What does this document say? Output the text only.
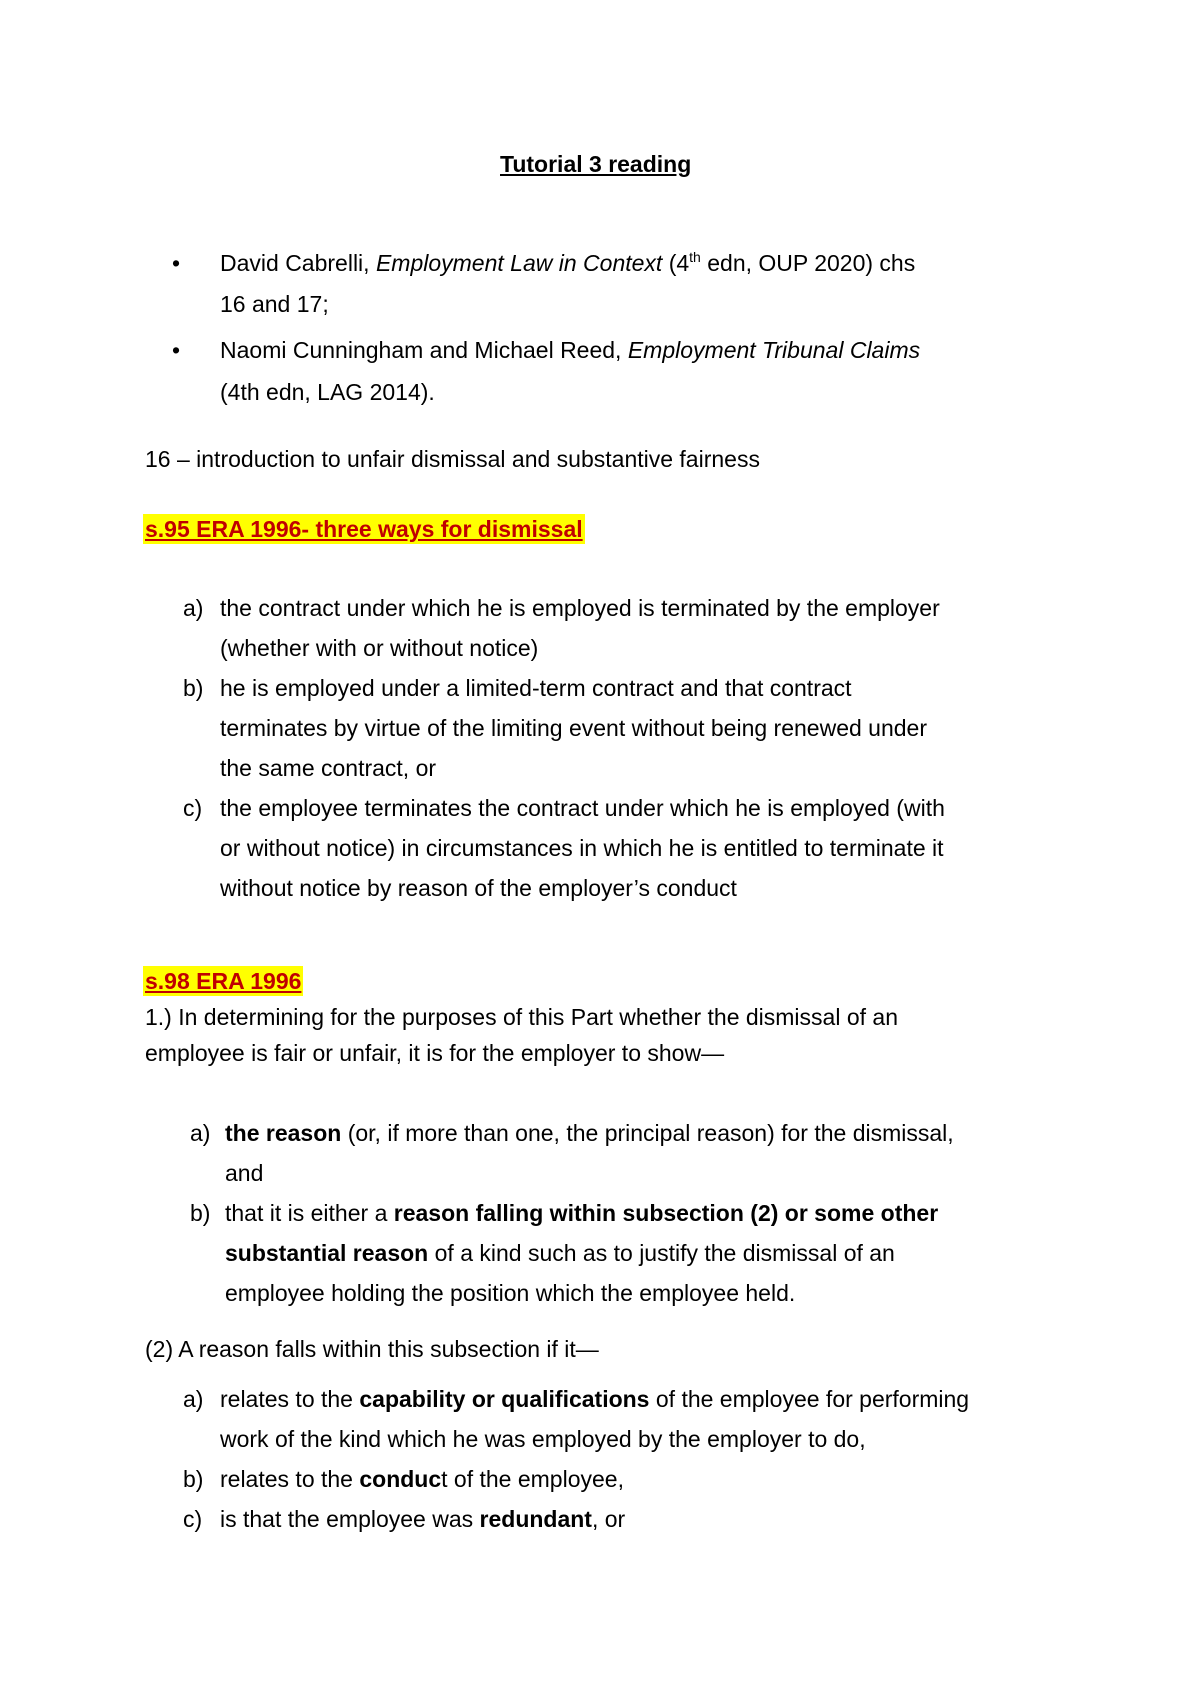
Tutorial 3 reading
• David Cabrelli, Employment Law in Context (4th edn, OUP 2020) chs
16 and 17;
• Naomi Cunningham and Michael Reed, Employment Tribunal Claims
(4th edn, LAG 2014).
16 – introduction to unfair dismissal and substantive fairness
s.95 ERA 1996- three ways for dismissal
a) the contract under which he is employed is terminated by the employer
(whether with or without notice)
b) he is employed under a limited-term contract and that contract
terminates by virtue of the limiting event without being renewed under
the same contract, or
c) the employee terminates the contract under which he is employed (with
or without notice) in circumstances in which he is entitled to terminate it
without notice by reason of the employer’s conduct
s.98 ERA 1996
1.) In determining for the purposes of this Part whether the dismissal of an
employee is fair or unfair, it is for the employer to show—
a) the reason (or, if more than one, the principal reason) for the dismissal,
and
b) that it is either a reason falling within subsection (2) or some other
substantial reason of a kind such as to justify the dismissal of an
employee holding the position which the employee held.
(2) A reason falls within this subsection if it—
a) relates to the capability or qualifications of the employee for performing
work of the kind which he was employed by the employer to do,
b) relates to the conduct of the employee,
c) is that the employee was redundant, or
